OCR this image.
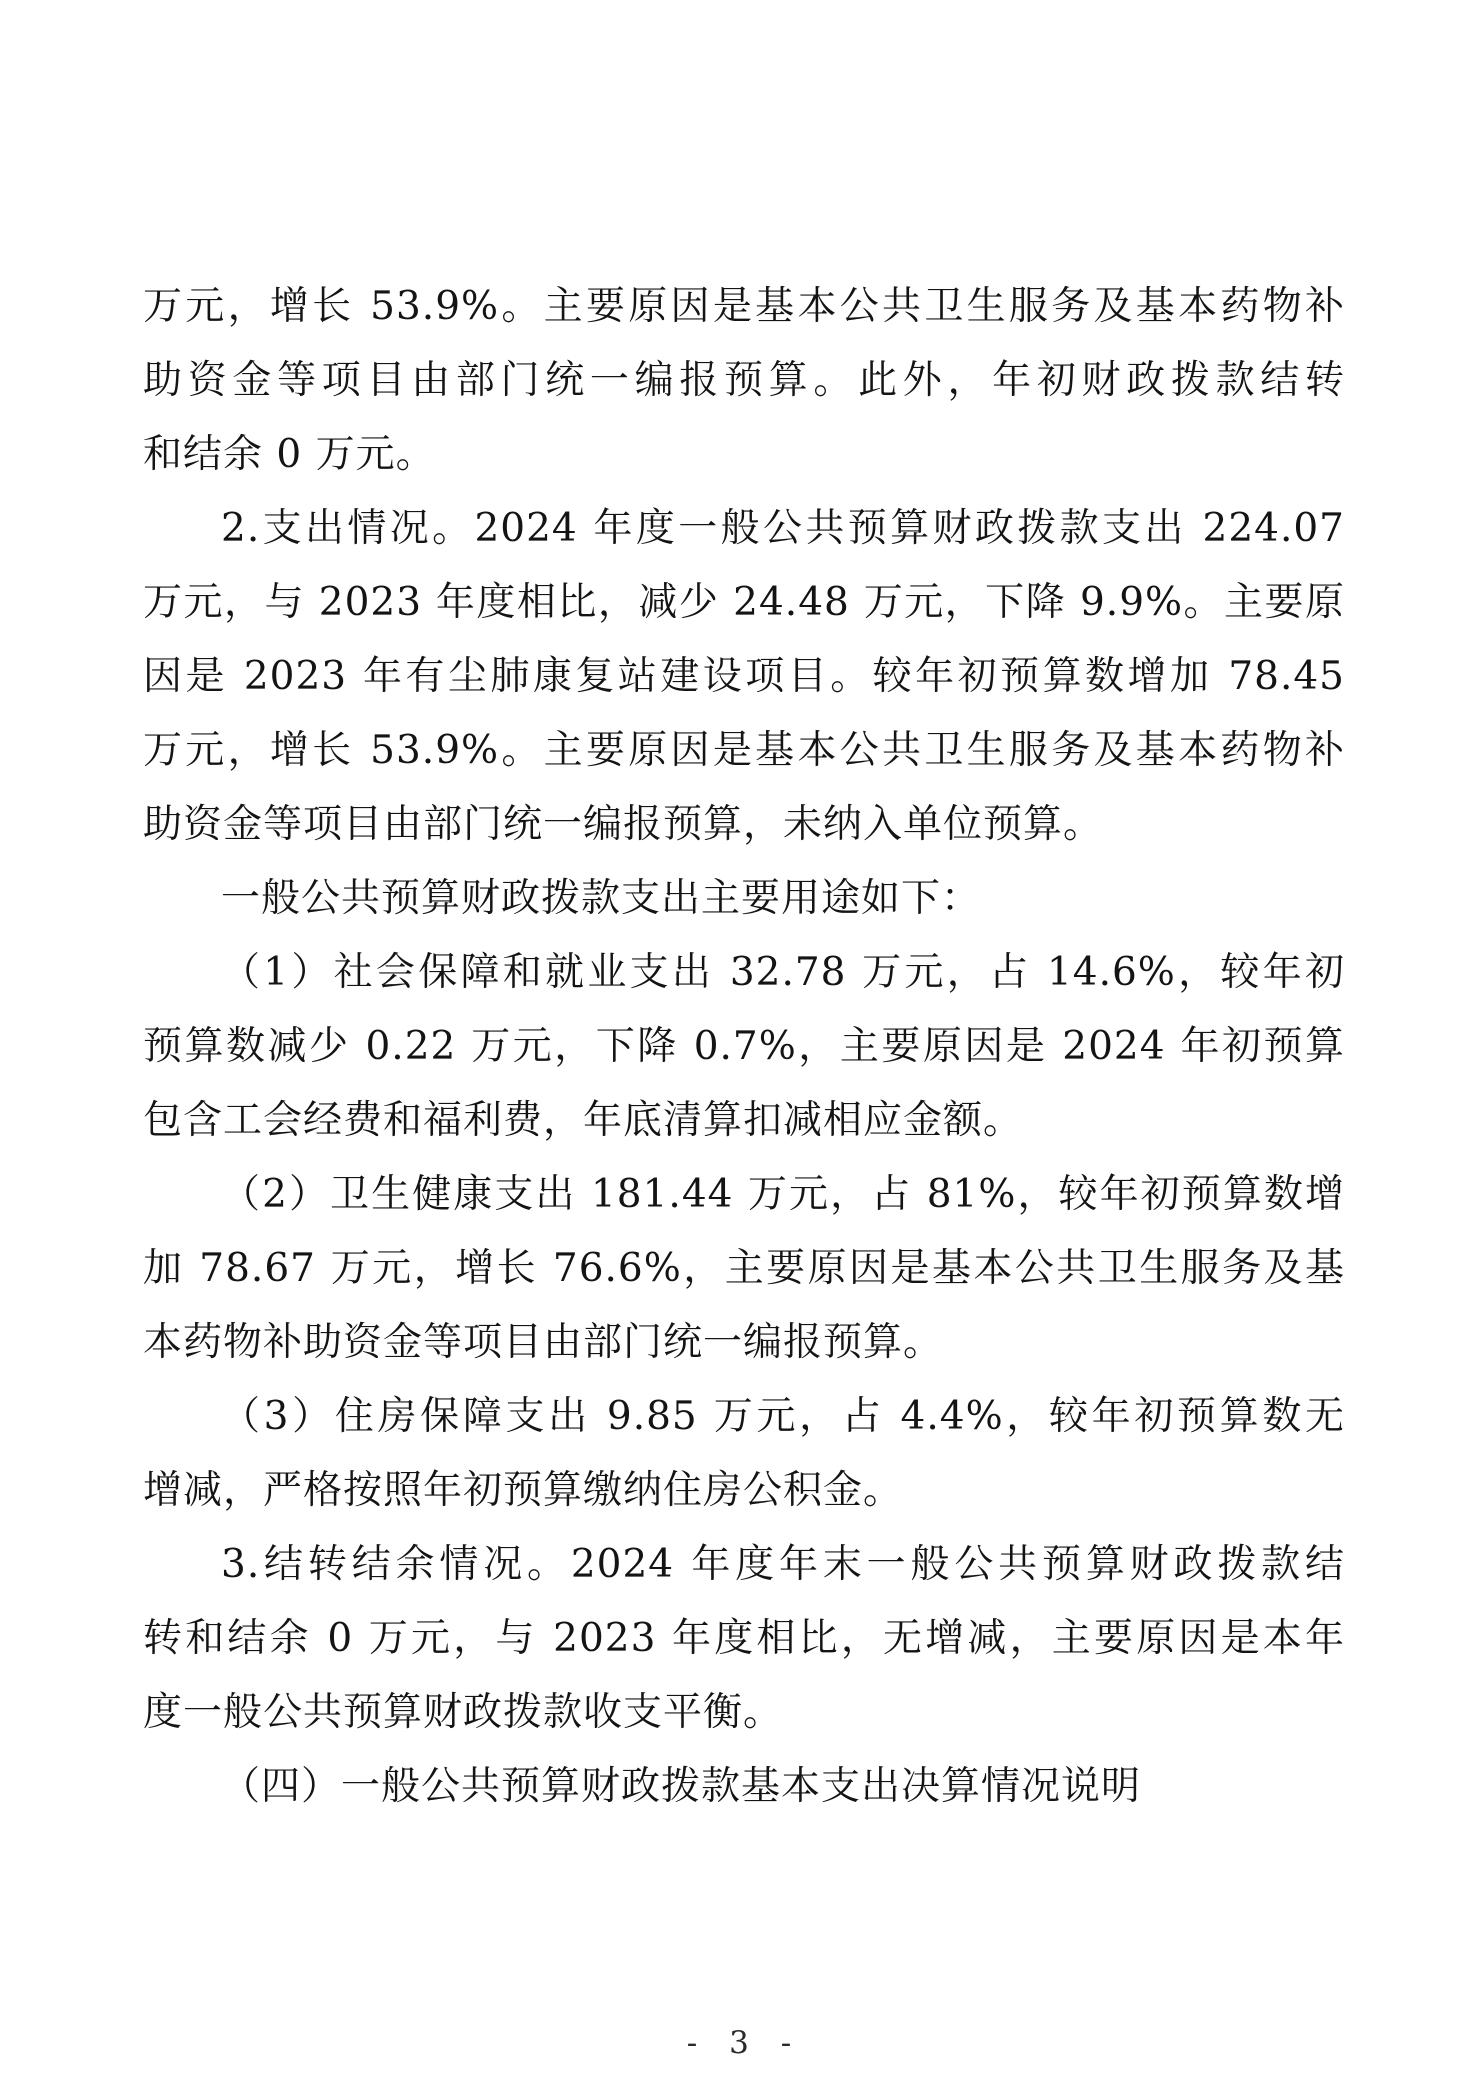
万元，增长 53.9%。主要原因是基本公共卫生服务及基本药物补
助资金等项目由部门统一编报预算。此外，年初财政拨款结转
和结余 0 万元。
2.支出情况。2024 年度一般公共预算财政拨款支出 224.07
万元，与 2023 年度相比，减少 24.48 万元，下降 9.9%。主要原
因是 2023 年有尘肺康复站建设项目。较年初预算数增加 78.45
万元，增长 53.9%。主要原因是基本公共卫生服务及基本药物补
助资金等项目由部门统一编报预算，未纳入单位预算。
一般公共预算财政拨款支出主要用途如下：
（1）社会保障和就业支出 32.78 万元，占 14.6%，较年初
预算数减少 0.22 万元，下降 0.7%，主要原因是 2024 年初预算
包含工会经费和福利费，年底清算扣减相应金额。
（2）卫生健康支出 181.44 万元，占 81%，较年初预算数增
加 78.67 万元，增长 76.6%，主要原因是基本公共卫生服务及基
本药物补助资金等项目由部门统一编报预算。
（3）住房保障支出 9.85 万元，占 4.4%，较年初预算数无
增减，严格按照年初预算缴纳住房公积金。
3.结转结余情况。2024 年度年末一般公共预算财政拨款结
转和结余 0 万元，与 2023 年度相比，无增减，主要原因是本年
度一般公共预算财政拨款收支平衡。
（四）一般公共预算财政拨款基本支出决算情况说明
- 3 -
